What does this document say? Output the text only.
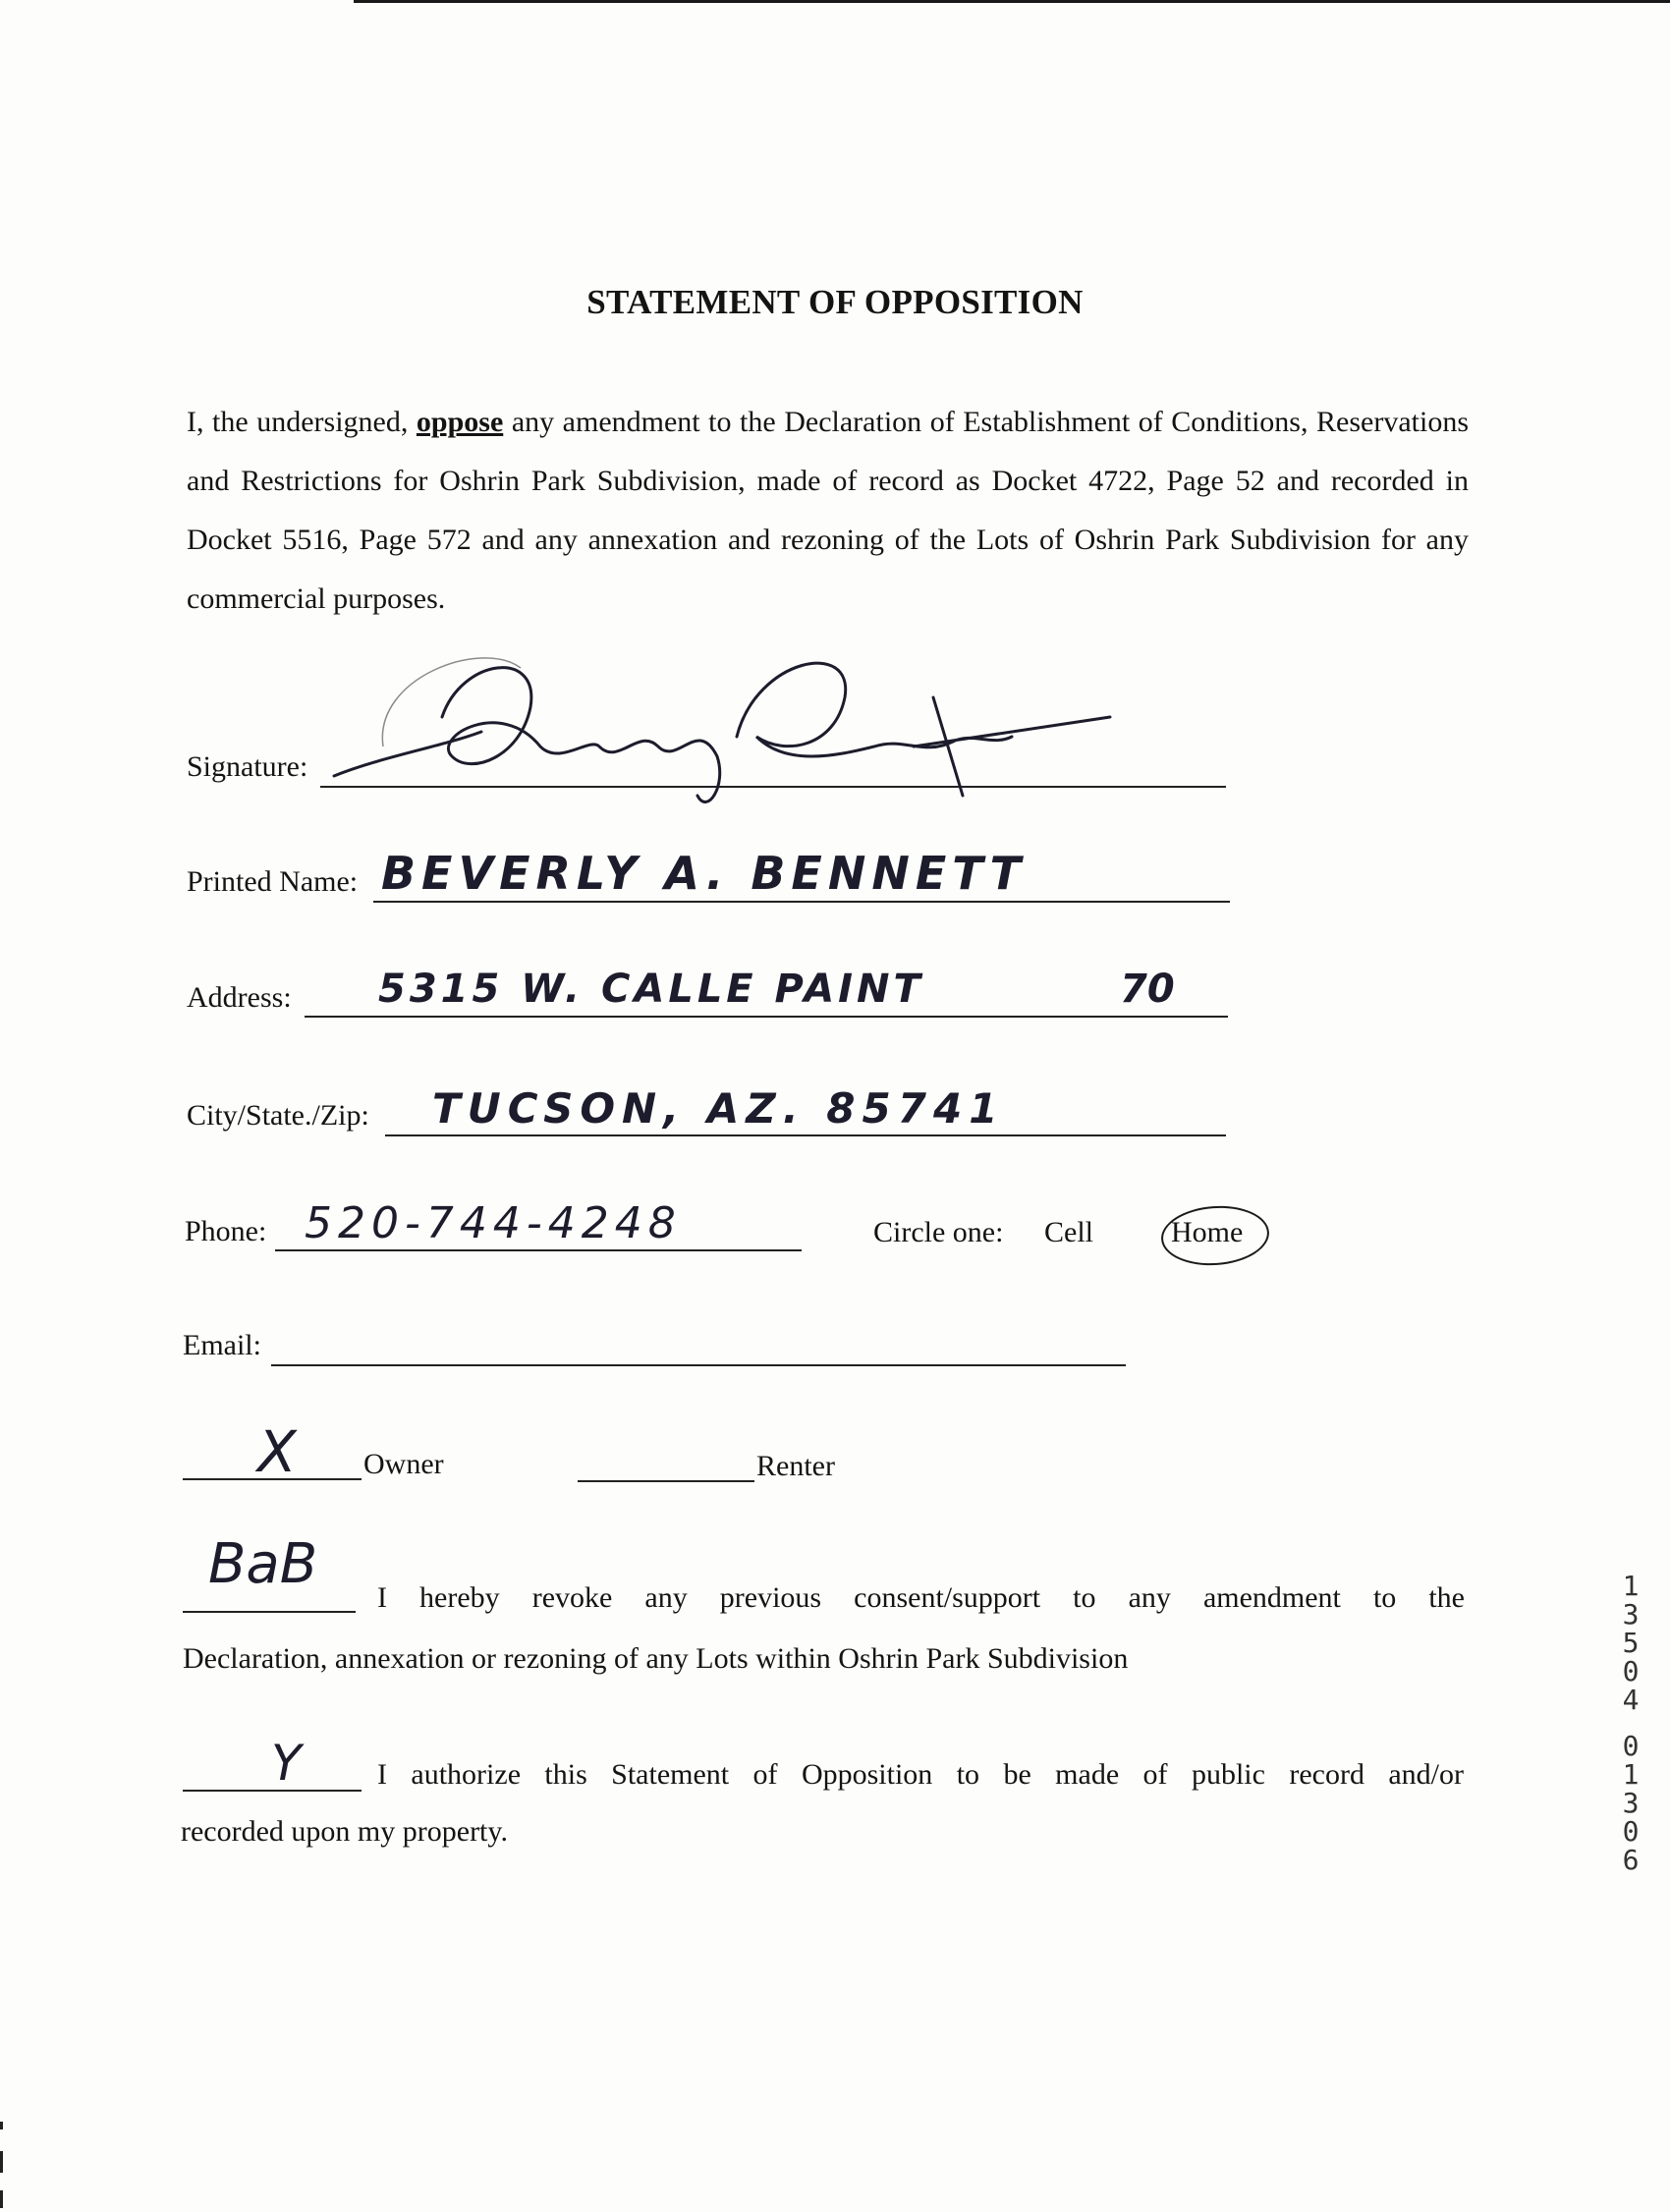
STATEMENT OF OPPOSITION

I, the undersigned, oppose any amendment to the Declaration of Establishment of Conditions, Reservations and Restrictions for Oshrin Park Subdivision, made of record as Docket 4722, Page 52 and recorded in Docket 5516, Page 572 and any annexation and rezoning of the Lots of Oshrin Park Subdivision for any commercial purposes.

Signature:
Printed Name: BEVERLY A. BENNETT
Address: 5315 W. CALLE PAINT	70
City/State./Zip: TUCSON, AZ. 85741
Phone: 520-744-4248	Circle one: Cell	Home
Email:
X Owner	Renter
BaB
I hereby revoke any previous consent/support to any amendment to the
Declaration, annexation or rezoning of any Lots within Oshrin Park Subdivision
Y	I authorize this Statement of Opposition to be made of public record and/or
recorded upon my property.
1
3
5
0
4
0
1
3
0
6
